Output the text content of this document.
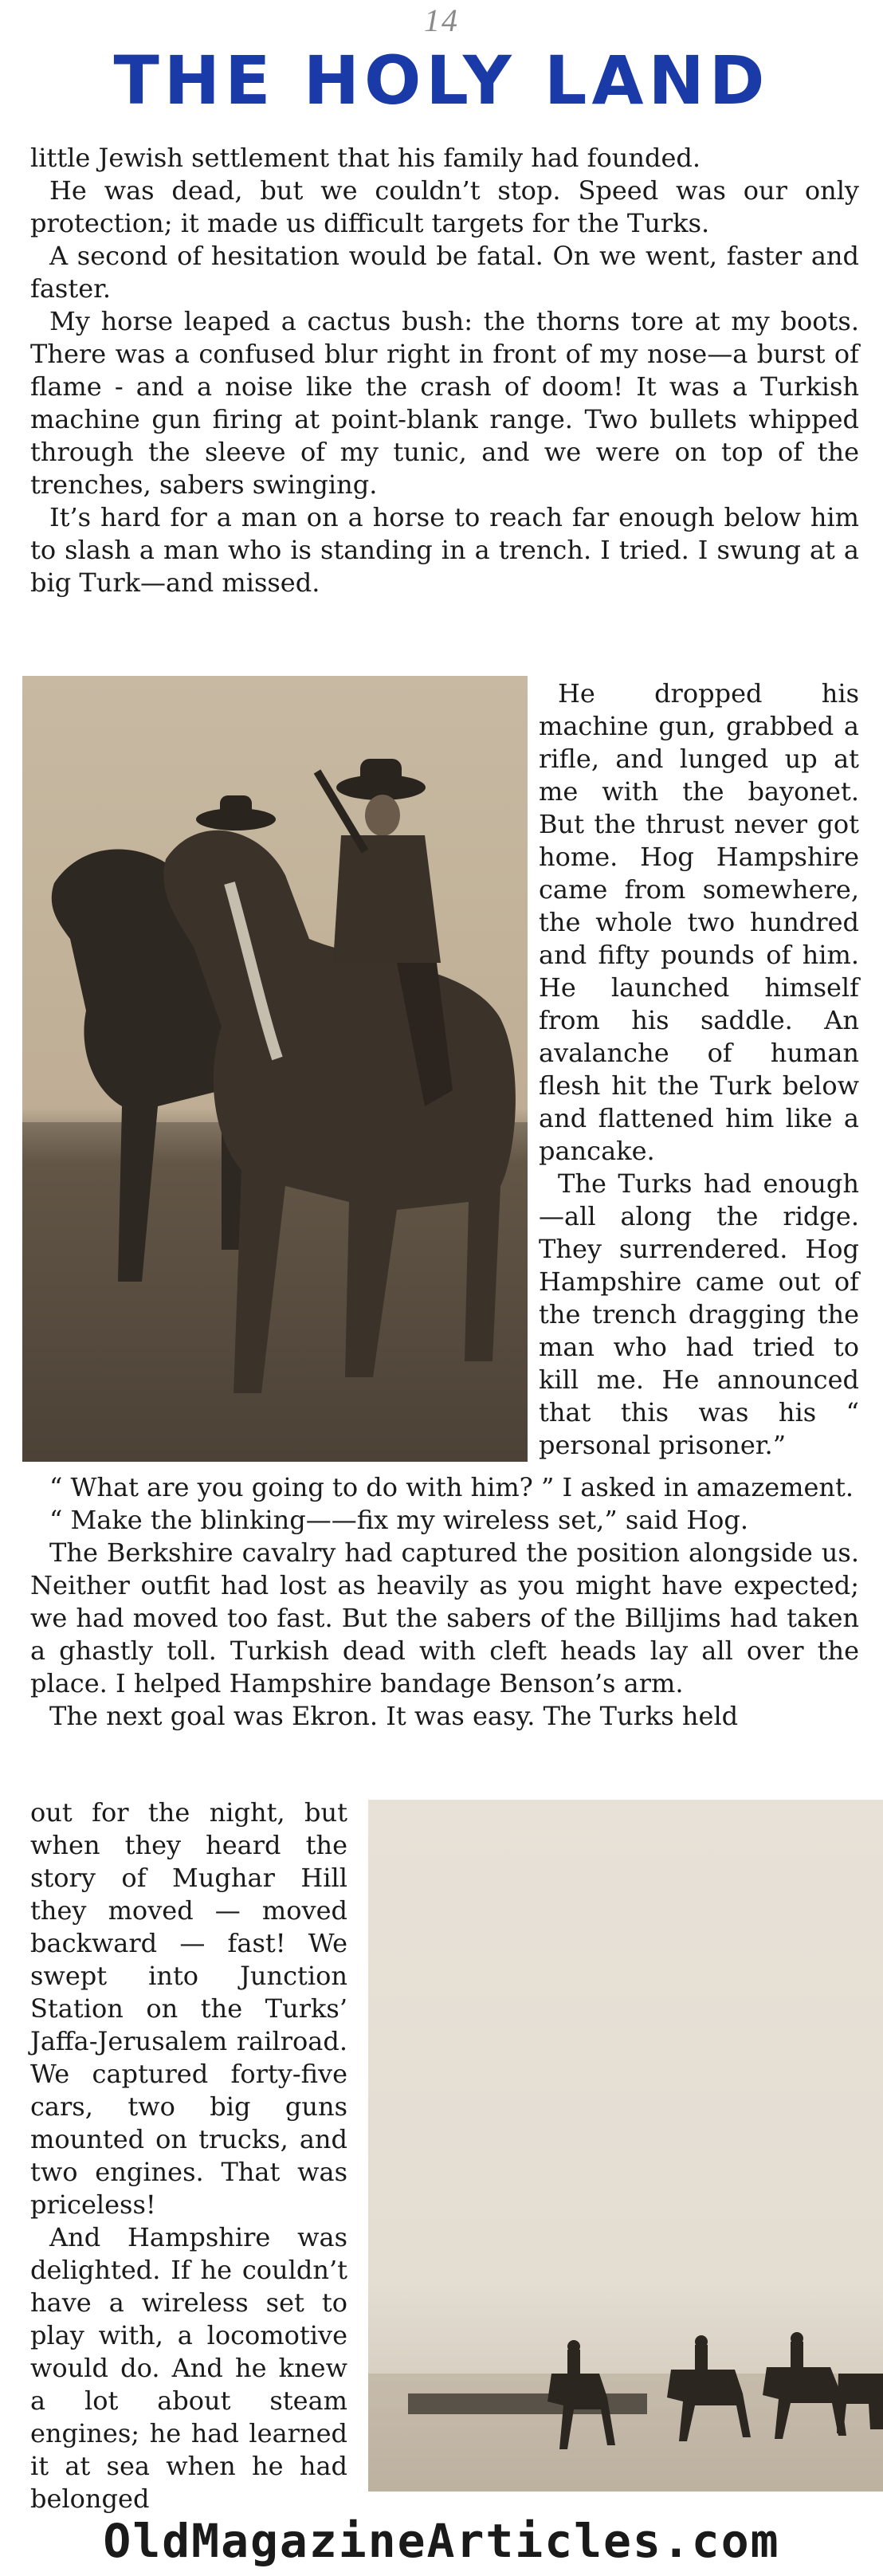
14
THE HOLY LAND

little Jewish settlement that his family had founded.

He was dead, but we couldn’t stop. Speed was our only protection; it made us difficult targets for the Turks.

A second of hesitation would be fatal. On we went, faster and faster.

My horse leaped a cactus bush: the thorns tore at my boots. There was a confused blur right in front of my nose—a burst of flame - and a noise like the crash of doom! It was a Turkish machine gun firing at point-blank range. Two bullets whipped through the sleeve of my tunic, and we were on top of the trenches, sabers swinging.

It’s hard for a man on a horse to reach far enough below him to slash a man who is standing in a trench. I tried. I swung at a big Turk—and missed.

He dropped his machine gun, grabbed a rifle, and lunged up at me with the bayonet. But the thrust never got home. Hog Hampshire came from somewhere, the whole two hundred and fifty pounds of him. He launched himself from his saddle. An avalanche of human flesh hit the Turk below and flattened him like a pancake.

The Turks had enough—all along the ridge. They surrendered. Hog Hampshire came out of the trench dragging the man who had tried to kill me. He announced that this was his “ personal prisoner.”

“ What are you going to do with him? ” I asked in amazement.

“ Make the blinking——fix my wireless set,” said Hog.

The Berkshire cavalry had captured the position alongside us. Neither outfit had lost as heavily as you might have expected; we had moved too fast. But the sabers of the Billjims had taken a ghastly toll. Turkish dead with cleft heads lay all over the place. I helped Hampshire bandage Benson’s arm.

The next goal was Ekron. It was easy. The Turks held

out for the night, but when they heard the story of Mughar Hill they moved — moved backward — fast! We swept into Junction Station on the Turks’ Jaffa-Jerusalem railroad. We captured forty-five cars, two big guns mounted on trucks, and two engines. That was priceless!

And Hampshire was delighted. If he couldn’t have a wireless set to play with, a locomotive would do. And he knew a lot about steam engines; he had learned it at sea when he had belonged

OldMagazineArticles.com
